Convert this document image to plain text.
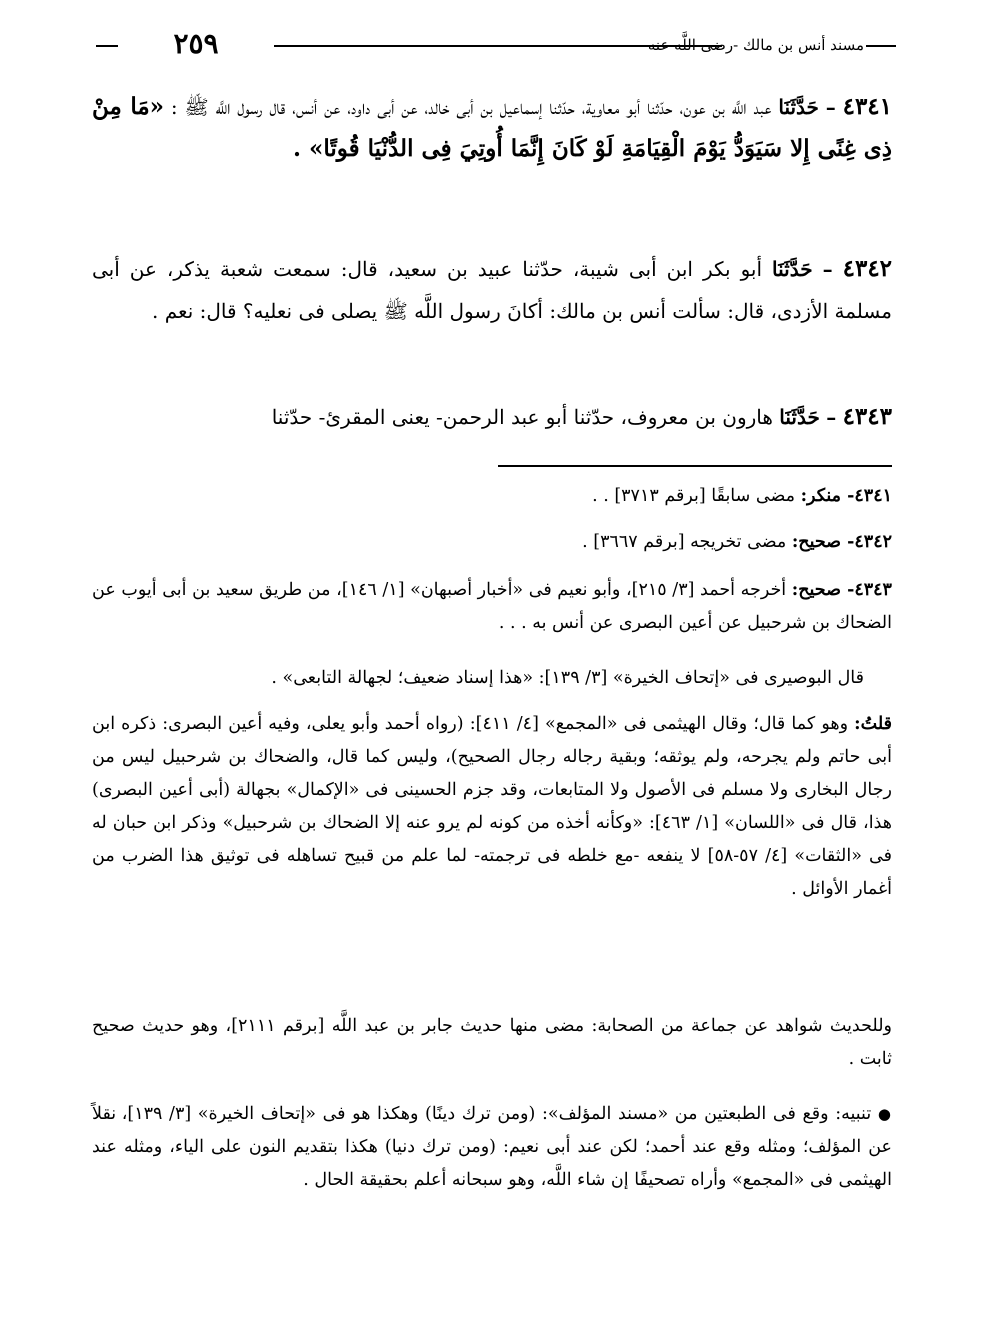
٢٥٩	مسند أنس بن مالك -رضى اللَّه عنه-
٤٣٤١ – حَدَّثَنَا عبد اللَّه بن عون، حدّثنا أبو معاوية، حدّثنا إسماعيل بن أبى خالد، عن أبى داود، عن أنس، قال رسول اللَّه ﷺ : «مَا مِنْ ذِى غِنًى إِلا سَيَوَدُّ يَوْمَ الْقِيَامَةِ لَوْ كَانَ إِنَّمَا أُوتِيَ فِى الدُّنْيَا قُوتًا» .
٤٣٤٢ – حَدَّثَنَا أبو بكر ابن أبى شيبة، حدّثنا عبيد بن سعيد، قال: سمعت شعبة يذكر، عن أبى مسلمة الأزدى، قال: سألت أنس بن مالك: أكانَ رسول اللَّه ﷺ يصلى فى نعليه؟ قال: نعم .
٤٣٤٣ – حَدَّثَنَا هارون بن معروف، حدّثنا أبو عبد الرحمن- يعنى المقرئ- حدّثنا
٤٣٤١- منكر: مضى سابقًا [برقم ٣٧١٣] . .
٤٣٤٢- صحيح: مضى تخريجه [برقم ٣٦٦٧] .
٤٣٤٣- صحيح: أخرجه أحمد [٣/ ٢١٥]، وأبو نعيم فى «أخبار أصبهان» [١/ ١٤٦]، من طريق سعيد بن أبى أيوب عن الضحاك بن شرحبيل عن أعين البصرى عن أنس به . . .
قال البوصيرى فى «إتحاف الخيرة» [٣/ ١٣٩]: «هذا إسناد ضعيف؛ لجهالة التابعى» .
قلتُ: وهو كما قال؛ وقال الهيثمى فى «المجمع» [٤/ ٤١١]: (رواه أحمد وأبو يعلى، وفيه أعين البصرى: ذكره ابن أبى حاتم ولم يجرحه، ولم يوثقه؛ وبقية رجاله رجال الصحيح)، وليس كما قال، والضحاك بن شرحبيل ليس من رجال البخارى ولا مسلم فى الأصول ولا المتابعات، وقد جزم الحسينى فى «الإكمال» بجهالة (أبى أعين البصرى) هذا، قال فى «اللسان» [١/ ٤٦٣]: «وكأنه أخذه من كونه لم يرو عنه إلا الضحاك بن شرحبيل» وذكر ابن حبان له فى «الثقات» [٤/ ٥٧-٥٨] لا ينفعه -مع خلطه فى ترجمته- لما علم من قبيح تساهله فى توثيق هذا الضرب من أغمار الأوائل .
وللحديث شواهد عن جماعة من الصحابة: مضى منها حديث جابر بن عبد اللَّه [برقم ٢١١١]، وهو حديث صحيح ثابت .
● تنبيه: وقع فى الطبعتين من «مسند المؤلف»: (ومن ترك دينًا) وهكذا هو فى «إتحاف الخيرة» [٣/ ١٣٩]، نقلاً عن المؤلف؛ ومثله وقع عند أحمد؛ لكن عند أبى نعيم: (ومن ترك دنيا) هكذا بتقديم النون على الياء، ومثله عند الهيثمى فى «المجمع» وأراه تصحيفًا إن شاء اللَّه، وهو سبحانه أعلم بحقيقة الحال .
